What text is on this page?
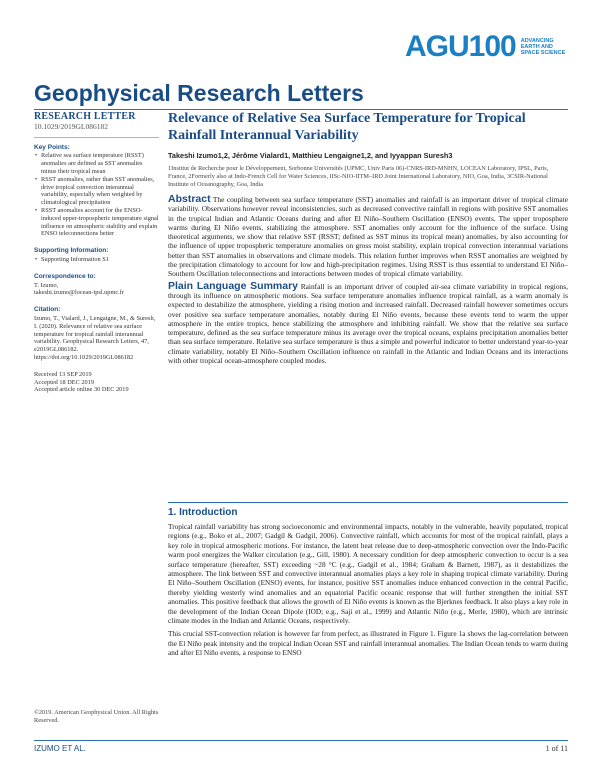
AGU100 ADVANCING
EARTH AND
SPACE SCIENCE
Geophysical Research Letters
RESEARCH LETTER
10.1029/2019GL086182
Key Points:
• Relative sea surface temperature (RSST) anomalies are defined as SST anomalies minus their tropical mean
• RSST anomalies, rather than SST anomalies, drive tropical convection interannual variability, especially when weighted by climatological precipitation
• RSST anomalies account for the ENSO-induced upper-tropospheric temperature signal influence on atmospheric stability and explain ENSO teleconnections better
Supporting Information:
• Supporting Information S1
Correspondence to:
T. Izumo,
takeshi.izumo@locean-ipsl.upmc.fr
Citation:
Izumo, T., Vialard, J., Lengaigne, M., & Suresh, I. (2020). Relevance of relative sea surface temperature for tropical rainfall interannual variability. Geophysical Research Letters, 47, e2019GL086182. https://doi.org/10.1029/2019GL086182
Received 13 SEP 2019
Accepted 18 DEC 2019
Accepted article online 30 DEC 2019
Relevance of Relative Sea Surface Temperature for Tropical Rainfall Interannual Variability
Takeshi Izumo1,2, Jérôme Vialard1, Matthieu Lengaigne1,2, and Iyyappan Suresh3
1Institut de Recherche pour le Développement, Sorbonne Universités (UPMC, Univ Paris 06)-CNRS-IRD-MNHN, LOCEAN Laboratory, IPSL, Paris, France, 2Formerly also at Indo-French Cell for Water Sciences, IISc-NIO-IITM–IRD Joint International Laboratory, NIO, Goa, India, 3CSIR-National Institute of Oceanography, Goa, India
Abstract The coupling between sea surface temperature (SST) anomalies and rainfall is an important driver of tropical climate variability. Observations however reveal inconsistencies, such as decreased convective rainfall in regions with positive SST anomalies in the tropical Indian and Atlantic Oceans during and after El Niño–Southern Oscillation (ENSO) events. The upper troposphere warms during El Niño events, stabilizing the atmosphere. SST anomalies only account for the influence of the surface. Using theoretical arguments, we show that relative SST (RSST; defined as SST minus its tropical mean) anomalies, by also accounting for the influence of upper tropospheric temperature anomalies on gross moist stability, explain tropical convection interannual variations better than SST anomalies in observations and climate models. This relation further improves when RSST anomalies are weighted by the precipitation climatology to account for low and high-precipitation regimes. Using RSST is thus essential to understand El Niño–Southern Oscillation teleconnections and interactions between modes of tropical climate variability.
Plain Language Summary Rainfall is an important driver of coupled air-sea climate variability in tropical regions, through its influence on atmospheric motions. Sea surface temperature anomalies influence tropical rainfall, as a warm anomaly is expected to destabilize the atmosphere, yielding a rising motion and increased rainfall. Decreased rainfall however sometimes occurs over positive sea surface temperature anomalies, notably during El Niño events, because these events tend to warm the upper atmosphere in the entire tropics, hence stabilizing the atmosphere and inhibiting rainfall. We show that the relative sea surface temperature, defined as the sea surface temperature minus its average over the tropical oceans, explains precipitation anomalies better than sea surface temperature. Relative sea surface temperature is thus a simple and powerful indicator to better understand year-to-year climate variability, notably El Niño–Southern Oscillation influence on rainfall in the Atlantic and Indian Oceans and its interactions with other tropical ocean-atmosphere coupled modes.
1. Introduction

Tropical rainfall variability has strong socioeconomic and environmental impacts, notably in the vulnerable, heavily populated, tropical regions (e.g., Boko et al., 2007; Gadgil & Gadgil, 2006). Convective rainfall, which accounts for most of the tropical rainfall, plays a key role in tropical atmospheric motions. For instance, the latent heat release due to deep-atmospheric convection over the Indo-Pacific warm pool energizes the Walker circulation (e.g., Gill, 1980). A necessary condition for deep atmospheric convection to occur is a sea surface temperature (hereafter, SST) exceeding ~28 °C (e.g., Gadgil et al., 1984; Graham & Barnett, 1987), as it destabilizes the atmosphere. The link between SST and convective interannual anomalies plays a key role in shaping tropical climate variability. During El Niño–Southern Oscillation (ENSO) events, for instance, positive SST anomalies induce enhanced convection in the central Pacific, thereby yielding westerly wind anomalies and an equatorial Pacific oceanic response that will further strengthen the initial SST anomalies. This positive feedback that allows the growth of El Niño events is known as the Bjerknes feedback. It also plays a key role in the development of the Indian Ocean Dipole (IOD; e.g., Saji et al., 1999) and Atlantic Niño (e.g., Merle, 1980), which are intrinsic climate modes in the Indian and Atlantic Oceans, respectively.

This crucial SST-convection relation is however far from perfect, as illustrated in Figure 1. Figure 1a shows the lag-correlation between the El Niño peak intensity and the tropical Indian Ocean SST and rainfall interannual anomalies. The Indian Ocean tends to warm during and after El Niño events, a response to ENSO

©2019. American Geophysical Union. All Rights Reserved.
IZUMO ET AL.	1 of 11
